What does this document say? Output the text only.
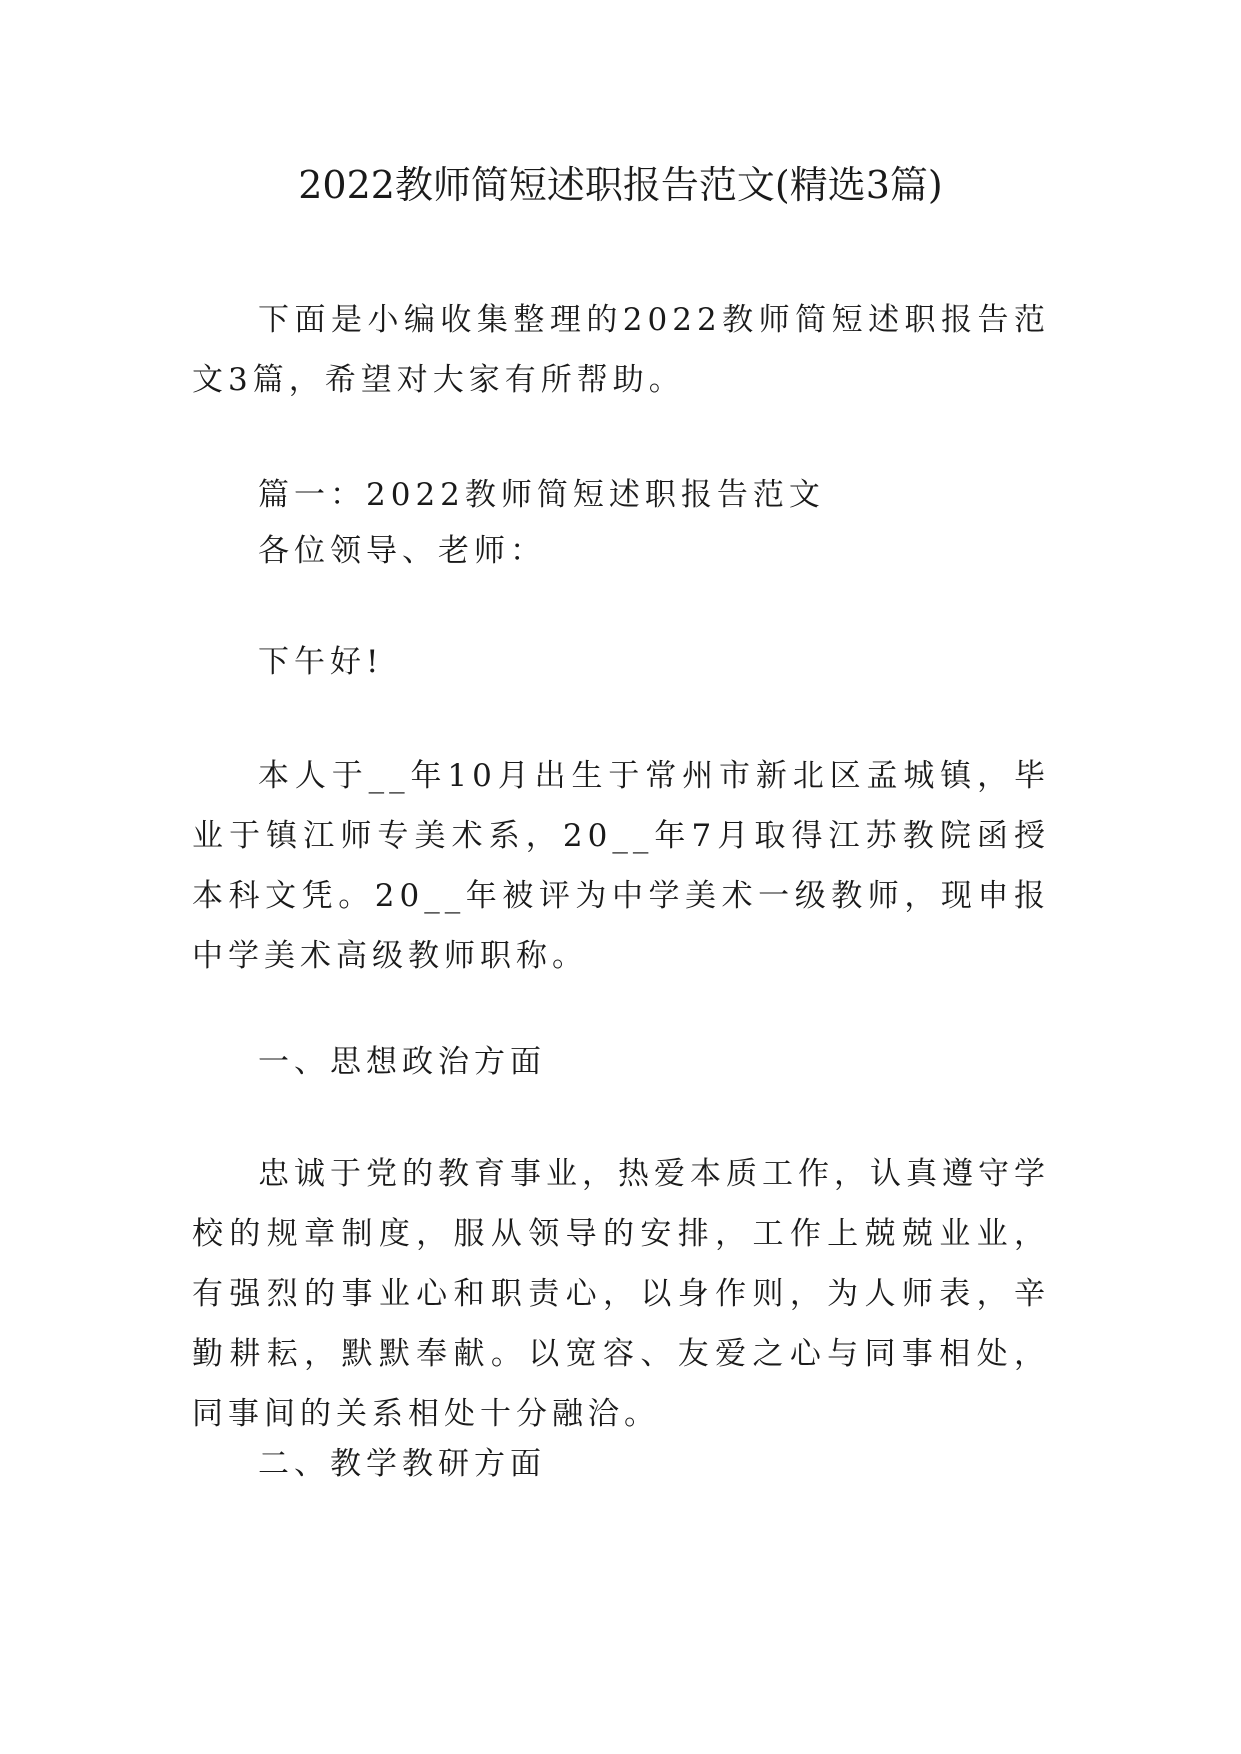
2022教师简短述职报告范文(精选3篇)

下面是小编收集整理的2022教师简短述职报告范文3篇，希望对大家有所帮助。

篇一：2022教师简短述职报告范文

各位领导、老师：

下午好!

本人于__年10月出生于常州市新北区孟城镇，毕业于镇江师专美术系，20__年7月取得江苏教院函授本科文凭。20__年被评为中学美术一级教师，现申报中学美术高级教师职称。

一、思想政治方面

忠诚于党的教育事业，热爱本质工作，认真遵守学校的规章制度，服从领导的安排，工作上兢兢业业，有强烈的事业心和职责心，以身作则，为人师表，辛勤耕耘，默默奉献。以宽容、友爱之心与同事相处，同事间的关系相处十分融洽。

二、教学教研方面
